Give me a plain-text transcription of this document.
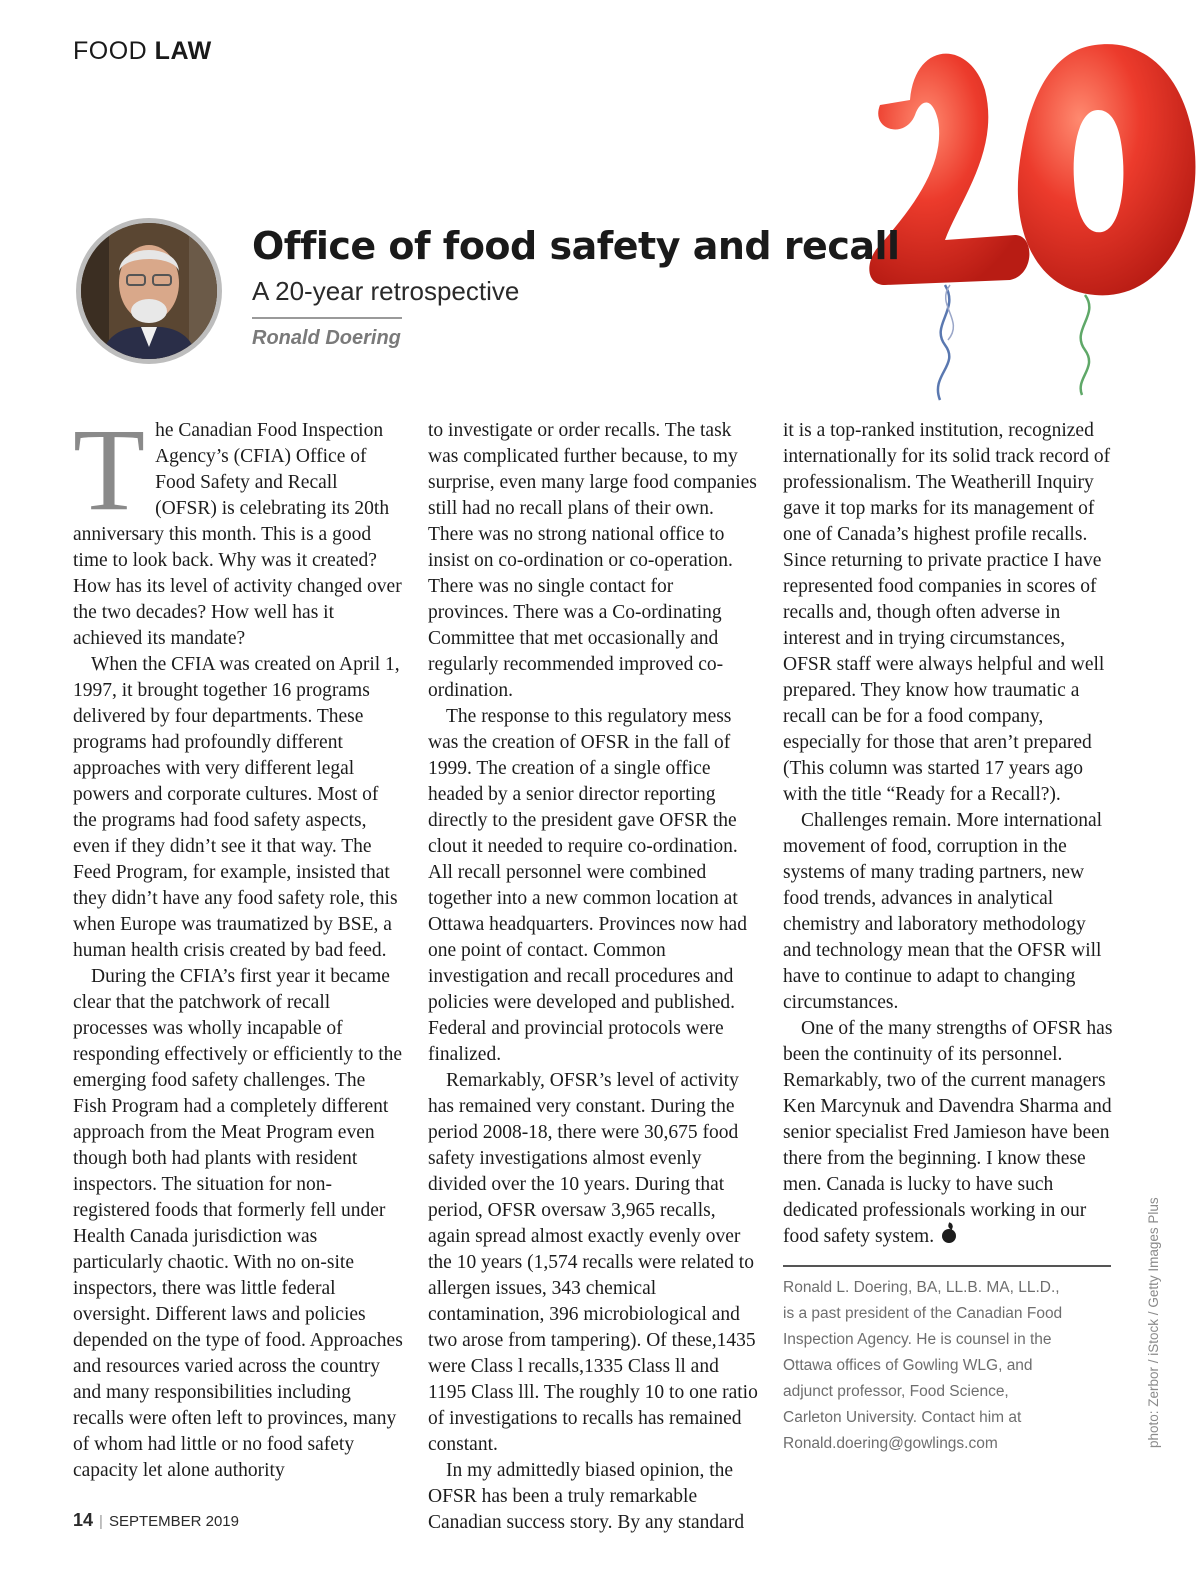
FOOD LAW
Office of food safety and recall
A 20-year retrospective
Ronald Doering
T he Canadian Food Inspection Agency’s (CFIA) Office of Food Safety and Recall (OFSR) is celebrating its 20th anniversary this month. This is a good time to look back. Why was it created? How has its level of activity changed over the two decades? How well has it achieved its mandate?

When the CFIA was created on April 1, 1997, it brought together 16 programs delivered by four departments. These programs had profoundly different approaches with very different legal powers and corporate cultures. Most of the programs had food safety aspects, even if they didn’t see it that way. The Feed Program, for example, insisted that they didn’t have any food safety role, this when Europe was traumatized by BSE, a human health crisis created by bad feed.

During the CFIA’s first year it became clear that the patchwork of recall processes was wholly incapable of responding effectively or efficiently to the emerging food safety challenges. The Fish Program had a completely different approach from the Meat Program even though both had plants with resident inspectors. The situation for non-registered foods that formerly fell under Health Canada jurisdiction was particularly chaotic. With no on-site inspectors, there was little federal oversight. Different laws and policies depended on the type of food. Approaches and resources varied across the country and many responsibilities including recalls were often left to provinces, many of whom had little or no food safety capacity let alone authority

to investigate or order recalls. The task was complicated further because, to my surprise, even many large food companies still had no recall plans of their own. There was no strong national office to insist on co-ordination or co-operation. There was no single contact for provinces. There was a Co-ordinating Committee that met occasionally and regularly recommended improved co-ordination.

The response to this regulatory mess was the creation of OFSR in the fall of 1999. The creation of a single office headed by a senior director reporting directly to the president gave OFSR the clout it needed to require co-ordination. All recall personnel were combined together into a new common location at Ottawa headquarters. Provinces now had one point of contact. Common investigation and recall procedures and policies were developed and published. Federal and provincial protocols were finalized.

Remarkably, OFSR’s level of activity has remained very constant. During the period 2008-18, there were 30,675 food safety investigations almost evenly divided over the 10 years. During that period, OFSR oversaw 3,965 recalls, again spread almost exactly evenly over the 10 years (1,574 recalls were related to allergen issues, 343 chemical contamination, 396 microbiological and two arose from tampering). Of these,1435 were Class l recalls,1335 Class ll and 1195 Class lll. The roughly 10 to one ratio of investigations to recalls has remained constant.

In my admittedly biased opinion, the OFSR has been a truly remarkable Canadian success story. By any standard

it is a top-ranked institution, recognized internationally for its solid track record of professionalism. The Weatherill Inquiry gave it top marks for its management of one of Canada’s highest profile recalls. Since returning to private practice I have represented food companies in scores of recalls and, though often adverse in interest and in trying circumstances, OFSR staff were always helpful and well prepared. They know how traumatic a recall can be for a food company, especially for those that aren’t prepared (This column was started 17 years ago with the title “Ready for a Recall?).

Challenges remain. More international movement of food, corruption in the systems of many trading partners, new food trends, advances in analytical chemistry and laboratory methodology and technology mean that the OFSR will have to continue to adapt to changing circumstances.

One of the many strengths of OFSR has been the continuity of its personnel. Remarkably, two of the current managers Ken Marcynuk and Davendra Sharma and senior specialist Fred Jamieson have been there from the beginning. I know these men. Canada is lucky to have such dedicated professionals working in our food safety system.

Ronald L. Doering, BA, LL.B. MA, LL.D.,
is a past president of the Canadian Food
Inspection Agency. He is counsel in the
Ottawa offices of Gowling WLG, and
adjunct professor, Food Science,
Carleton University. Contact him at
Ronald.doering@gowlings.com	photo: Zerbor / iStock / Getty Images Plus
14 | SEPTEMBER 2019
